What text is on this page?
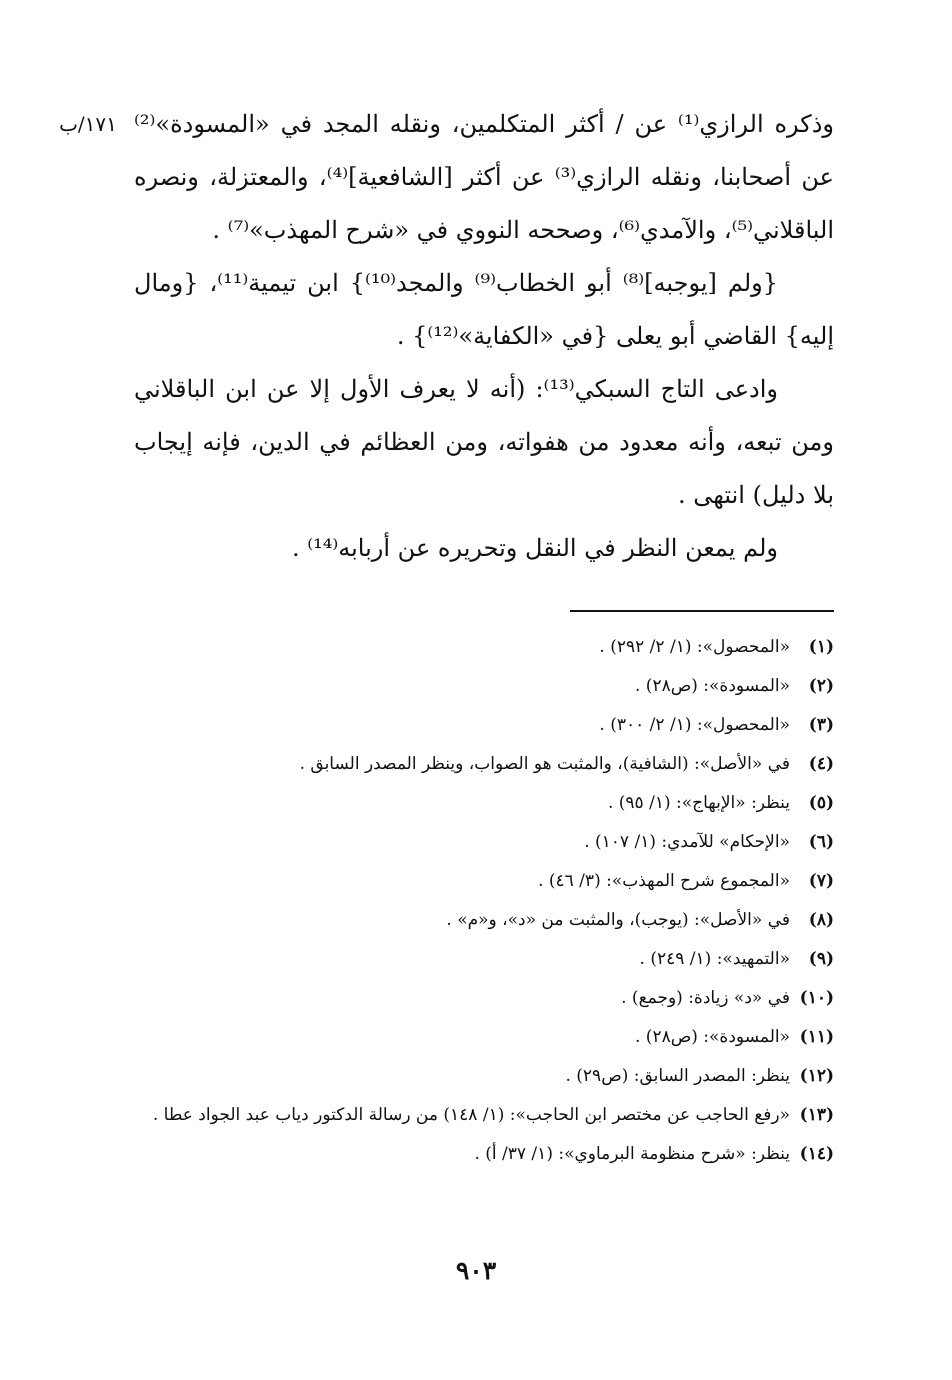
١٧١/ب وذكره الرازي⁽¹⁾ عن / أكثر المتكلمين، ونقله المجد في «المسودة»⁽²⁾ عن أصحابنا، ونقله الرازي⁽³⁾ عن أكثر [الشافعية]⁽⁴⁾، والمعتزلة، ونصره الباقلاني⁽⁵⁾، والآمدي⁽⁶⁾، وصححه النووي في «شرح المهذب»⁽⁷⁾ .

{ولم [يوجبه]⁽⁸⁾ أبو الخطاب⁽⁹⁾ والمجد⁽¹⁰⁾} ابن تيمية⁽¹¹⁾، {ومال إليه} القاضي أبو يعلى {في «الكفاية»⁽¹²⁾} .

وادعى التاج السبكي⁽¹³⁾: (أنه لا يعرف الأول إلا عن ابن الباقلاني ومن تبعه، وأنه معدود من هفواته، ومن العظائم في الدين، فإنه إيجاب بلا دليل) انتهى .

ولم يمعن النظر في النقل وتحريره عن أربابه⁽¹⁴⁾ .

(١)
«المحصول»: (١/ ٢/ ٢٩٢) .
(٢)
«المسودة»: (ص٢٨) .
(٣)
«المحصول»: (١/ ٢/ ٣٠٠) .
(٤)
في «الأصل»: (الشافية)، والمثبت هو الصواب، وينظر المصدر السابق .
(٥)
ينظر: «الإبهاج»: (١/ ٩٥) .
(٦)
«الإحكام» للآمدي: (١/ ١٠٧) .
(٧)
«المجموع شرح المهذب»: (٣/ ٤٦) .
(٨)
في «الأصل»: (يوجب)، والمثبت من «د»، و«م» .
(٩)
«التمهيد»: (١/ ٢٤٩) .
(١٠)
في «د» زيادة: (وجمع) .
(١١)
«المسودة»: (ص٢٨) .
(١٢)
ينظر: المصدر السابق: (ص٢٩) .
(١٣)
«رفع الحاجب عن مختصر ابن الحاجب»: (١/ ١٤٨) من رسالة الدكتور دياب عبد الجواد عطا .
(١٤)
ينظر: «شرح منظومة البرماوي»: (١/ ٣٧/ أ) .
٩٠٣
